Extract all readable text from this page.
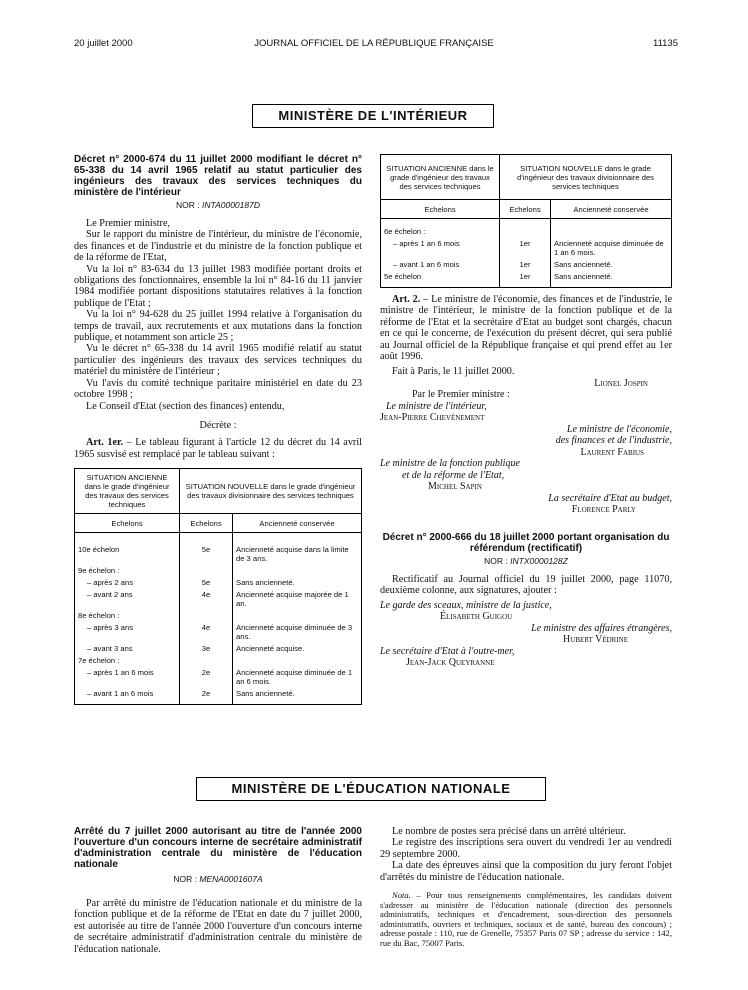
20 juillet 2000	JOURNAL OFFICIEL DE LA RÉPUBLIQUE FRANÇAISE	11135
MINISTÈRE DE L'INTÉRIEUR

Décret n° 2000-674 du 11 juillet 2000 modifiant le décret n° 65-338 du 14 avril 1965 relatif au statut particulier des ingénieurs des travaux des services techniques du ministère de l'intérieur

NOR : INTA0000187D

Le Premier ministre,

Sur le rapport du ministre de l'intérieur, du ministre de l'économie, des finances et de l'industrie et du ministre de la fonction publique et de la réforme de l'Etat,

Vu la loi n° 83-634 du 13 juillet 1983 modifiée portant droits et obligations des fonctionnaires, ensemble la loi n° 84-16 du 11 janvier 1984 modifiée portant dispositions statutaires relatives à la fonction publique de l'Etat ;

Vu la loi n° 94-628 du 25 juillet 1994 relative à l'organisation du temps de travail, aux recrutements et aux mutations dans la fonction publique, et notamment son article 25 ;

Vu le décret n° 65-338 du 14 avril 1965 modifié relatif au statut particulier des ingénieurs des travaux des services techniques du matériel du ministère de l'intérieur ;

Vu l'avis du comité technique paritaire ministériel en date du 23 octobre 1998 ;

Le Conseil d'Etat (section des finances) entendu,

Décrète :

Art. 1er. – Le tableau figurant à l'article 12 du décret du 14 avril 1965 susvisé est remplacé par le tableau suivant :

SITUATION ANCIENNE dans le grade d'ingénieur des travaux des services techniques	SITUATION NOUVELLE dans le grade d'ingénieur des travaux divisionnaire des services techniques	
Echelons	Echelons	Ancienneté conservée
10e échelon	5e	Ancienneté acquise dans la limite de 3 ans.
9e échelon :		
– après 2 ans	5e	Sans ancienneté.
– avant 2 ans	4e	Ancienneté acquise majorée de 1 an.
8e échelon :		
– après 3 ans	4e	Ancienneté acquise diminuée de 3 ans.
– avant 3 ans	3e	Ancienneté acquise.
7e échelon :		
– après 1 an 6 mois	2e	Ancienneté acquise diminuée de 1 an 6 mois.
– avant 1 an 6 mois	2e	Sans ancienneté.
SITUATION ANCIENNE dans le grade d'ingénieur des travaux des services techniques	SITUATION NOUVELLE dans le grade d'ingénieur des travaux divisionnaire des services techniques	
Echelons	Echelons	Ancienneté conservée
6e échelon :		
– après 1 an 6 mois	1er	Ancienneté acquise diminuée de 1 an 6 mois.
– avant 1 an 6 mois	1er	Sans ancienneté.
5e échelon	1er	Sans ancienneté.

Art. 2. – Le ministre de l'économie, des finances et de l'industrie, le ministre de l'intérieur, le ministre de la fonction publique et de la réforme de l'Etat et la secrétaire d'Etat au budget sont chargés, chacun en ce qui le concerne, de l'exécution du présent décret, qui sera publié au Journal officiel de la République française et qui prend effet au 1er août 1996.

Fait à Paris, le 11 juillet 2000.

Lionel Jospin

Par le Premier ministre :

Le ministre de l'intérieur,

Jean-Pierre Chevènement

Le ministre de l'économie,

des finances et de l'industrie,

Laurent Fabius

Le ministre de la fonction publique

et de la réforme de l'Etat,

Michel Sapin

La secrétaire d'Etat au budget,

Florence Parly

Décret n° 2000-666 du 18 juillet 2000 portant organisation du référendum (rectificatif)

NOR : INTX0000128Z

Rectificatif au Journal officiel du 19 juillet 2000, page 11070, deuxième colonne, aux signatures, ajouter :

Le garde des sceaux, ministre de la justice,

Élisabeth Guigou

Le ministre des affaires étrangères,

Hubert Védrine

Le secrétaire d'Etat à l'outre-mer,

Jean-Jack Queyranne

MINISTÈRE DE L'ÉDUCATION NATIONALE

Arrêté du 7 juillet 2000 autorisant au titre de l'année 2000 l'ouverture d'un concours interne de secrétaire administratif d'administration centrale du ministère de l'éducation nationale

NOR : MENA0001607A

Par arrêté du ministre de l'éducation nationale et du ministre de la fonction publique et de la réforme de l'Etat en date du 7 juillet 2000, est autorisée au titre de l'année 2000 l'ouverture d'un concours interne de secrétaire administratif d'administration centrale du ministère de l'éducation nationale.

Le nombre de postes sera précisé dans un arrêté ultérieur.

Le registre des inscriptions sera ouvert du vendredi 1er au vendredi 29 septembre 2000.

La date des épreuves ainsi que la composition du jury feront l'objet d'arrêtés du ministre de l'éducation nationale.

Nota. – Pour tous renseignements complémentaires, les candidats doivent s'adresser au ministère de l'éducation nationale (direction des personnels administratifs, techniques et d'encadrement, sous-direction des personnels administratifs, ouvriers et techniques, sociaux et de santé, bureau des concours) ; adresse postale : 110, rue de Grenelle, 75357 Paris 07 SP ; adresse du service : 142, rue du Bac, 75007 Paris.
